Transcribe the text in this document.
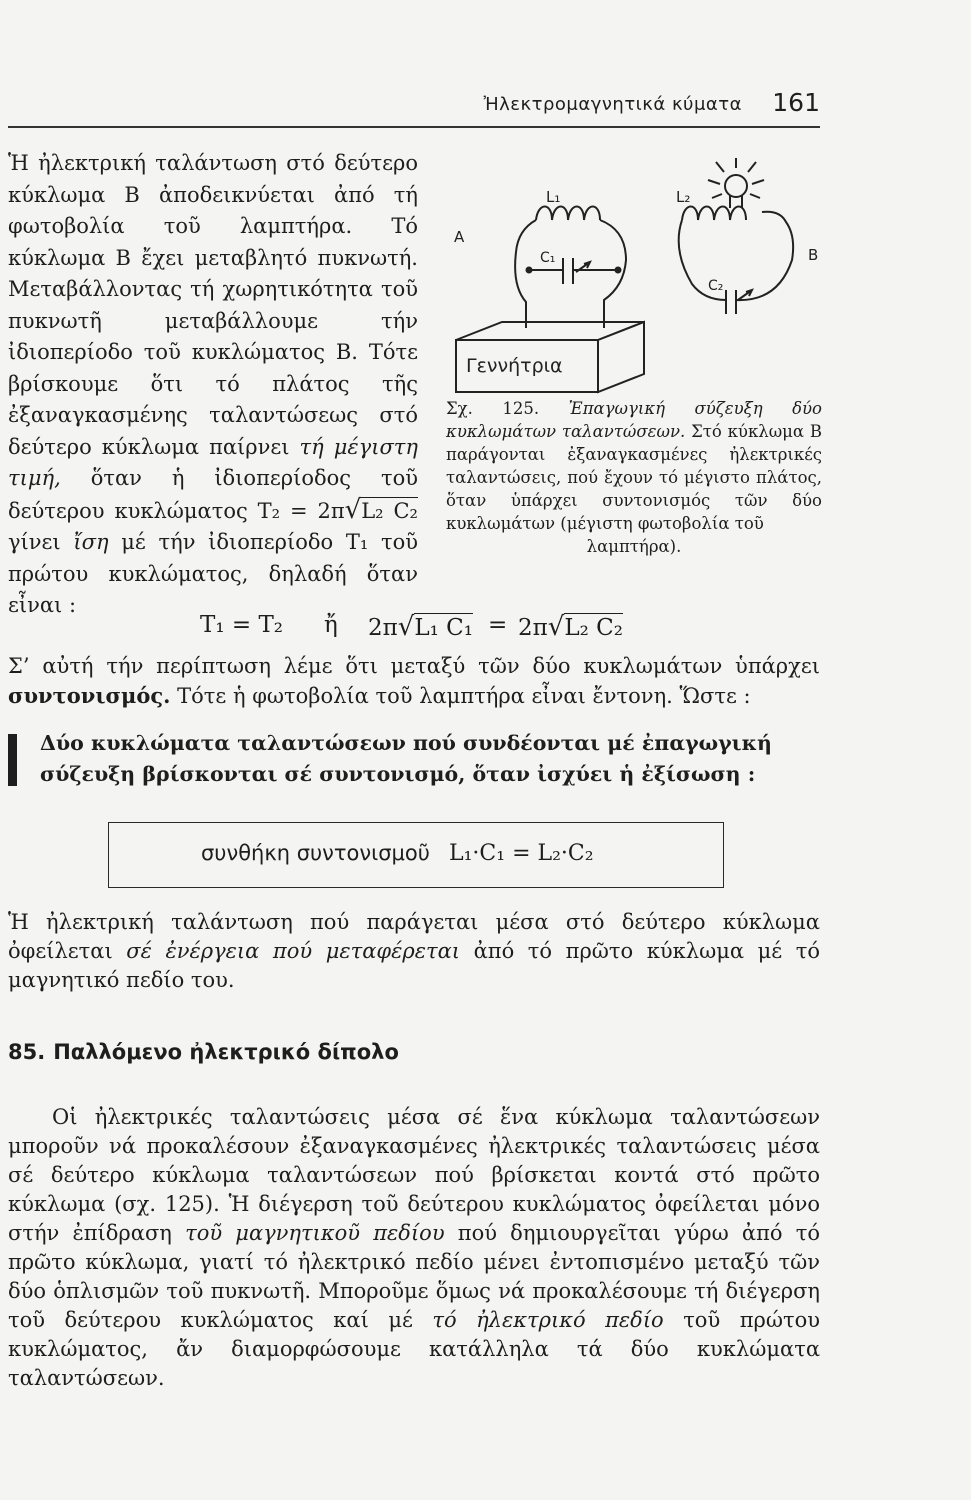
Ἠλεκτρομαγνητικά κύματα 161
Ἡ ἠλεκτρική ταλάντωση στό δεύτερο κύκλωμα Β ἀποδεικνύεται ἀπό τή φωτοβολία τοῦ λαμπτήρα. Τό κύκλωμα Β ἔχει μεταβλητό πυκνωτή. Μεταβάλλοντας τή χωρητικότητα τοῦ πυκνωτῆ μεταβάλλουμε τήν ἰδιοπερίοδο τοῦ κυκλώματος Β. Τότε βρίσκουμε ὅτι τό πλάτος τῆς ἐξαναγκασμένης ταλαντώσεως στό δεύτερο κύκλωμα παίρνει τή μέγιστη τιμή, ὅταν ἡ ἰδιοπερίοδος τοῦ δεύτερου κυκλώματος T₂ = 2π√L₂ C₂ γίνει ἴση μέ τήν ἰδιοπερίοδο T₁ τοῦ πρώτου κυκλώματος, δηλαδή ὅταν εἶναι :
Γεννήτρια
A
L₁
C₁
L₂
C₂
B
Σχ. 125. Ἐπαγωγική σύζευξη δύο κυκλωμάτων ταλαντώσεων. Στό κύκλωμα Β παράγονται ἐξαναγκασμένες ἠλεκτρικές ταλαντώσεις, πού ἔχουν τό μέγιστο πλάτος, ὅταν ὑπάρχει συντονισμός τῶν δύο κυκλωμάτων (μέγιστη φωτοβολία τοῦ
λαμπτήρα).
T₁ = T₂ ἤ 2π√L₁ C₁ = 2π√L₂ C₂
Σ’ αὐτή τήν περίπτωση λέμε ὅτι μεταξύ τῶν δύο κυκλωμάτων ὑπάρχει συντονισμός. Τότε ἡ φωτοβολία τοῦ λαμπτήρα εἶναι ἔντονη. Ὥστε :
Δύο κυκλώματα ταλαντώσεων πού συνδέονται μέ ἐπαγωγική σύζευξη βρίσκονται σέ συντονισμό, ὅταν ἰσχύει ἡ ἐξίσωση :
συνθήκη συντονισμοῦ L₁·C₁ = L₂·C₂
Ἡ ἠλεκτρική ταλάντωση πού παράγεται μέσα στό δεύτερο κύκλωμα ὀφείλεται σέ ἐνέργεια πού μεταφέρεται ἀπό τό πρῶτο κύκλωμα μέ τό μαγνητικό πεδίο του.
85. Παλλόμενο ἠλεκτρικό δίπολο
Οἱ ἠλεκτρικές ταλαντώσεις μέσα σέ ἕνα κύκλωμα ταλαντώσεων μποροῦν νά προκαλέσουν ἐξαναγκασμένες ἠλεκτρικές ταλαντώσεις μέσα σέ δεύτερο κύκλωμα ταλαντώσεων πού βρίσκεται κοντά στό πρῶτο κύκλωμα (σχ. 125). Ἡ διέγερση τοῦ δεύτερου κυκλώματος ὀφείλεται μόνο στήν ἐπίδραση τοῦ μαγνητικοῦ πεδίου πού δημιουργεῖται γύρω ἀπό τό πρῶτο κύκλωμα, γιατί τό ἠλεκτρικό πεδίο μένει ἐντοπισμένο μεταξύ τῶν δύο ὁπλισμῶν τοῦ πυκνωτῆ. Μποροῦμε ὅμως νά προκαλέσουμε τή διέγερση τοῦ δεύτερου κυκλώματος καί μέ τό ἠλεκτρικό πεδίο τοῦ πρώτου κυκλώματος, ἄν διαμορφώσουμε κατάλληλα τά δύο κυκλώματα ταλαντώσεων.
